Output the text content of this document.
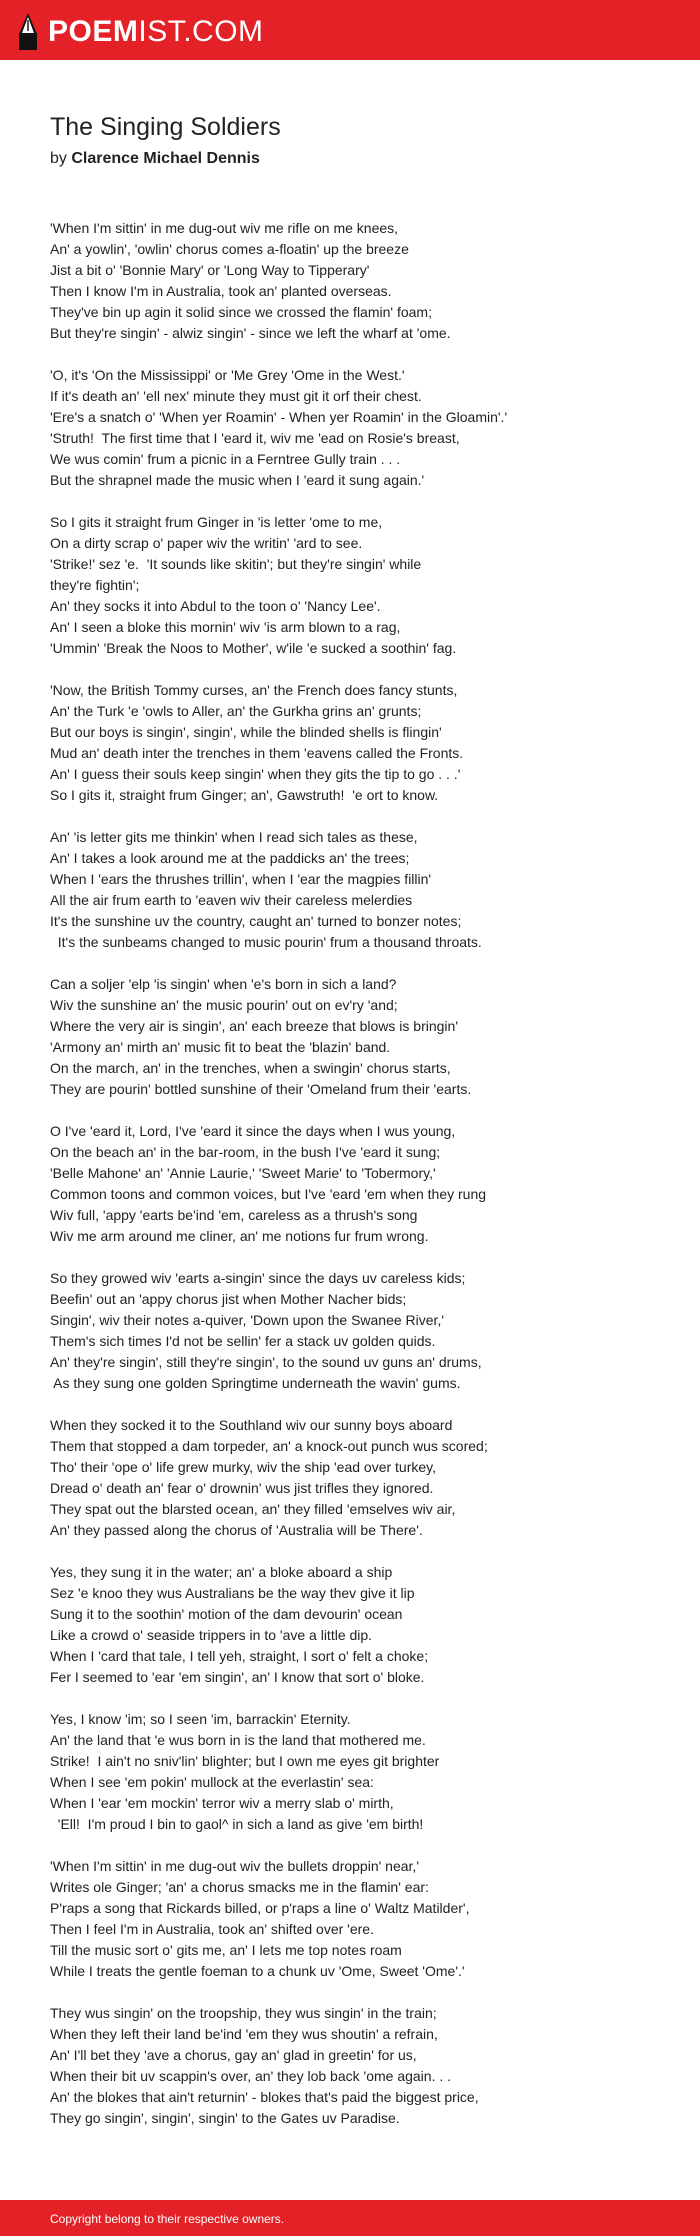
POEMIST.COM
The Singing Soldiers
by Clarence Michael Dennis
'When I'm sittin' in me dug-out wiv me rifle on me knees,
An' a yowlin', 'owlin' chorus comes a-floatin' up the breeze
Jist a bit o' 'Bonnie Mary' or 'Long Way to Tipperary'
Then I know I'm in Australia, took an' planted overseas.
They've bin up agin it solid since we crossed the flamin' foam;
But they're singin' - alwiz singin' - since we left the wharf at 'ome.
'O, it's 'On the Mississippi' or 'Me Grey 'Ome in the West.'
If it's death an' 'ell nex' minute they must git it orf their chest.
'Ere's a snatch o' 'When yer Roamin' - When yer Roamin' in the Gloamin'.'
'Struth!  The first time that I 'eard it, wiv me 'ead on Rosie's breast,
We wus comin' frum a picnic in a Ferntree Gully train . . .
But the shrapnel made the music when I 'eard it sung again.'
So I gits it straight frum Ginger in 'is letter 'ome to me,
On a dirty scrap o' paper wiv the writin' 'ard to see.
'Strike!' sez 'e.  'It sounds like skitin'; but they're singin' while
they're fightin';
An' they socks it into Abdul to the toon o' 'Nancy Lee'.
An' I seen a bloke this mornin' wiv 'is arm blown to a rag,
'Ummin' 'Break the Noos to Mother', w'ile 'e sucked a soothin' fag.
'Now, the British Tommy curses, an' the French does fancy stunts,
An' the Turk 'e 'owls to Aller, an' the Gurkha grins an' grunts;
But our boys is singin', singin', while the blinded shells is flingin'
Mud an' death inter the trenches in them 'eavens called the Fronts.
An' I guess their souls keep singin' when they gits the tip to go . . .'
So I gits it, straight frum Ginger; an', Gawstruth!  'e ort to know.
An' 'is letter gits me thinkin' when I read sich tales as these,
An' I takes a look around me at the paddicks an' the trees;
When I 'ears the thrushes trillin', when I 'ear the magpies fillin'
All the air frum earth to 'eaven wiv their careless melerdies
It's the sunshine uv the country, caught an' turned to bonzer notes;
It's the sunbeams changed to music pourin' frum a thousand throats.
Can a soljer 'elp 'is singin' when 'e's born in sich a land?
Wiv the sunshine an' the music pourin' out on ev'ry 'and;
Where the very air is singin', an' each breeze that blows is bringin'
'Armony an' mirth an' music fit to beat the 'blazin' band.
On the march, an' in the trenches, when a swingin' chorus starts,
They are pourin' bottled sunshine of their 'Omeland frum their 'earts.
O I've 'eard it, Lord, I've 'eard it since the days when I wus young,
On the beach an' in the bar-room, in the bush I've 'eard it sung;
'Belle Mahone' an' 'Annie Laurie,' 'Sweet Marie' to 'Tobermory,'
Common toons and common voices, but I've 'eard 'em when they rung
Wiv full, 'appy 'earts be'ind 'em, careless as a thrush's song
Wiv me arm around me cliner, an' me notions fur frum wrong.
So they growed wiv 'earts a-singin' since the days uv careless kids;
Beefin' out an 'appy chorus jist when Mother Nacher bids;
Singin', wiv their notes a-quiver, 'Down upon the Swanee River,'
Them's sich times I'd not be sellin' fer a stack uv golden quids.
An' they're singin', still they're singin', to the sound uv guns an' drums,
As they sung one golden Springtime underneath the wavin' gums.
When they socked it to the Southland wiv our sunny boys aboard
Them that stopped a dam torpeder, an' a knock-out punch wus scored;
Tho' their 'ope o' life grew murky, wiv the ship 'ead over turkey,
Dread o' death an' fear o' drownin' wus jist trifles they ignored.
They spat out the blarsted ocean, an' they filled 'emselves wiv air,
An' they passed along the chorus of 'Australia will be There'.
Yes, they sung it in the water; an' a bloke aboard a ship
Sez 'e knoo they wus Australians be the way thev give it lip
Sung it to the soothin' motion of the dam devourin' ocean
Like a crowd o' seaside trippers in to 'ave a little dip.
When I 'card that tale, I tell yeh, straight, I sort o' felt a choke;
Fer I seemed to 'ear 'em singin', an' I know that sort o' bloke.
Yes, I know 'im; so I seen 'im, barrackin' Eternity.
An' the land that 'e wus born in is the land that mothered me.
Strike!  I ain't no sniv'lin' blighter; but I own me eyes git brighter
When I see 'em pokin' mullock at the everlastin' sea:
When I 'ear 'em mockin' terror wiv a merry slab o' mirth,
'Ell!  I'm proud I bin to gaol^ in sich a land as give 'em birth!
'When I'm sittin' in me dug-out wiv the bullets droppin' near,'
Writes ole Ginger; 'an' a chorus smacks me in the flamin' ear:
P'raps a song that Rickards billed, or p'raps a line o' Waltz Matilder',
Then I feel I'm in Australia, took an' shifted over 'ere.
Till the music sort o' gits me, an' I lets me top notes roam
While I treats the gentle foeman to a chunk uv 'Ome, Sweet 'Ome'.'
They wus singin' on the troopship, they wus singin' in the train;
When they left their land be'ind 'em they wus shoutin' a refrain,
An' I'll bet they 'ave a chorus, gay an' glad in greetin' for us,
When their bit uv scappin's over, an' they lob back 'ome again. . .
An' the blokes that ain't returnin' - blokes that's paid the biggest price,
They go singin', singin', singin' to the Gates uv Paradise.
Copyright belong to their respective owners.
